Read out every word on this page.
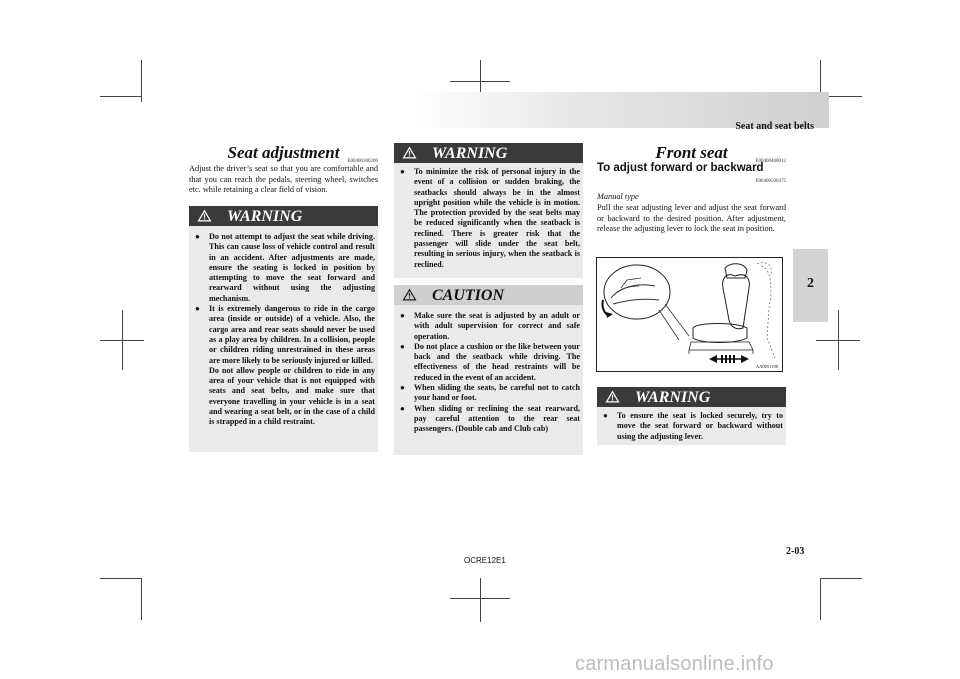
Seat and seat belts
2
Seat adjustment	E00400300200
Adjust the driver’s seat so that you are comfortable and that you can reach the pedals, steering wheel, switches etc. while retaining a clear field of vision.
WARNING
● Do not attempt to adjust the seat while driving. This can cause loss of vehicle control and result in an accident. After adjustments are made, ensure the seating is locked in position by attempting to move the seat forward and rearward without using the adjusting mechanism.
● It is extremely dangerous to ride in the cargo area (inside or outside) of a vehicle. Also, the cargo area and rear seats should never be used as a play area by children. In a collision, people or children riding unrestrained in these areas are more likely to be seriously injured or killed.
Do not allow people or children to ride in any area of your vehicle that is not equipped with seats and seat belts, and make sure that everyone travelling in your vehicle is in a seat and wearing a seat belt, or in the case of a child is strapped in a child restraint.
WARNING
● To minimize the risk of personal injury in the event of a collision or sudden braking, the seatbacks should always be in the almost upright position while the vehicle is in motion. The protection provided by the seat belts may be reduced significantly when the seatback is reclined. There is greater risk that the passenger will slide under the seat belt, resulting in serious injury, when the seatback is reclined.
CAUTION
● Make sure the seat is adjusted by an adult or with adult supervision for correct and safe operation.
● Do not place a cushion or the like between your back and the seatback while driving. The effectiveness of the head restraints will be reduced in the event of an accident.
● When sliding the seats, be careful not to catch your hand or foot.
● When sliding or reclining the seat rearward, pay careful attention to the rear seat passengers. (Double cab and Club cab)
Front seat	E00400400012
To adjust forward or backward
E00400500475
Manual type
Pull the seat adjusting lever and adjust the seat forward or backward to the desired position. After adjustment, release the adjusting lever to lock the seat in position.
AA0051198
WARNING
● To ensure the seat is locked securely, try to move the seat forward or backward without using the adjusting lever.
OCRE12E1
2-03
carmanualsonline.info
